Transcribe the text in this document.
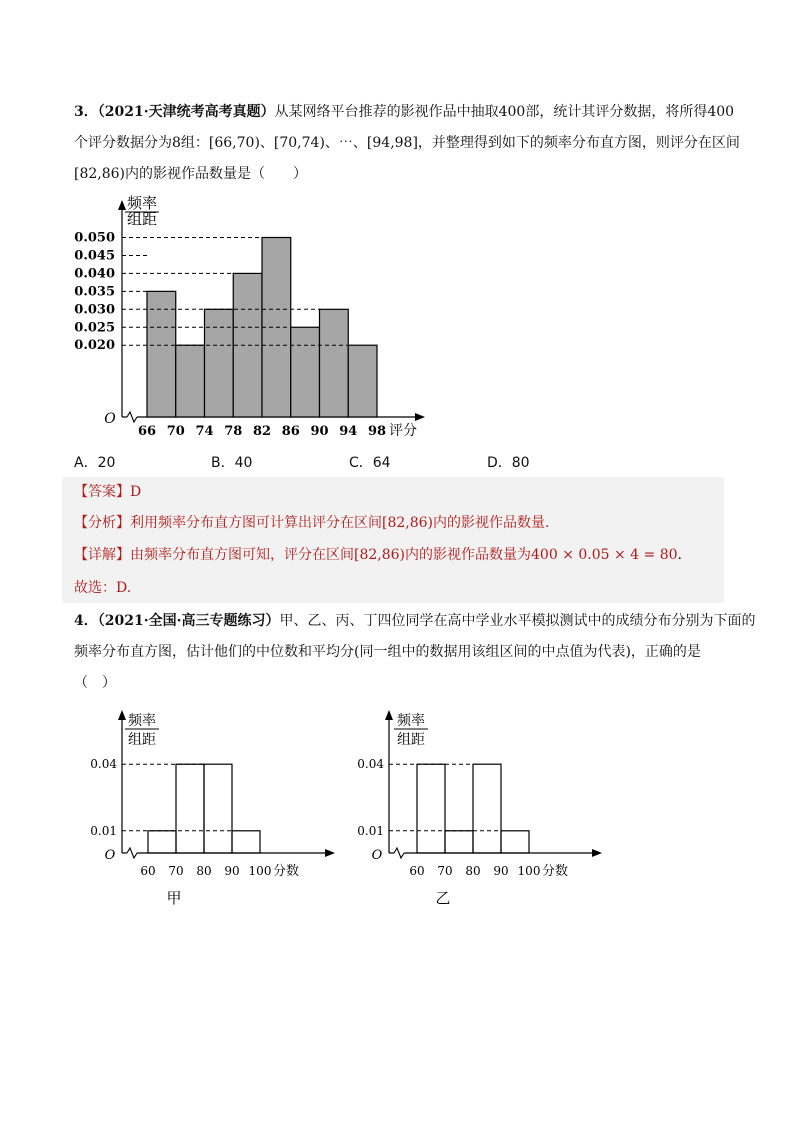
3．（2021·天津统考高考真题）从某网络平台推荐的影视作品中抽取400部，统计其评分数据，将所得400
个评分数据分为8组：[66,70)、[70,74)、⋯、[94,98]，并整理得到如下的频率分布直方图，则评分在区间
[82,86)内的影视作品数量是（　　）
O
频率
组距
0.050
0.045
0.040
0.035
0.030
0.025
0.020
66 70 74 78 82 86 90 94 98 评分
A．20	B．40	C．64	D．80
【答案】D
【分析】利用频率分布直方图可计算出评分在区间[82,86)内的影视作品数量.
【详解】由频率分布直方图可知，评分在区间[82,86)内的影视作品数量为400 × 0.05 × 4 = 80.
故选：D.
4．（2021·全国·高三专题练习）甲、乙、丙、丁四位同学在高中学业水平模拟测试中的成绩分布分别为下面的
频率分布直方图，估计他们的中位数和平均分(同一组中的数据用该组区间的中点值为代表)，正确的是
（　）
O
频率
组距
0.04
0.01
60 70 80 90 100 分数
甲
O
频率
组距
0.04
0.01
60 70 80 90 100 分数
乙
